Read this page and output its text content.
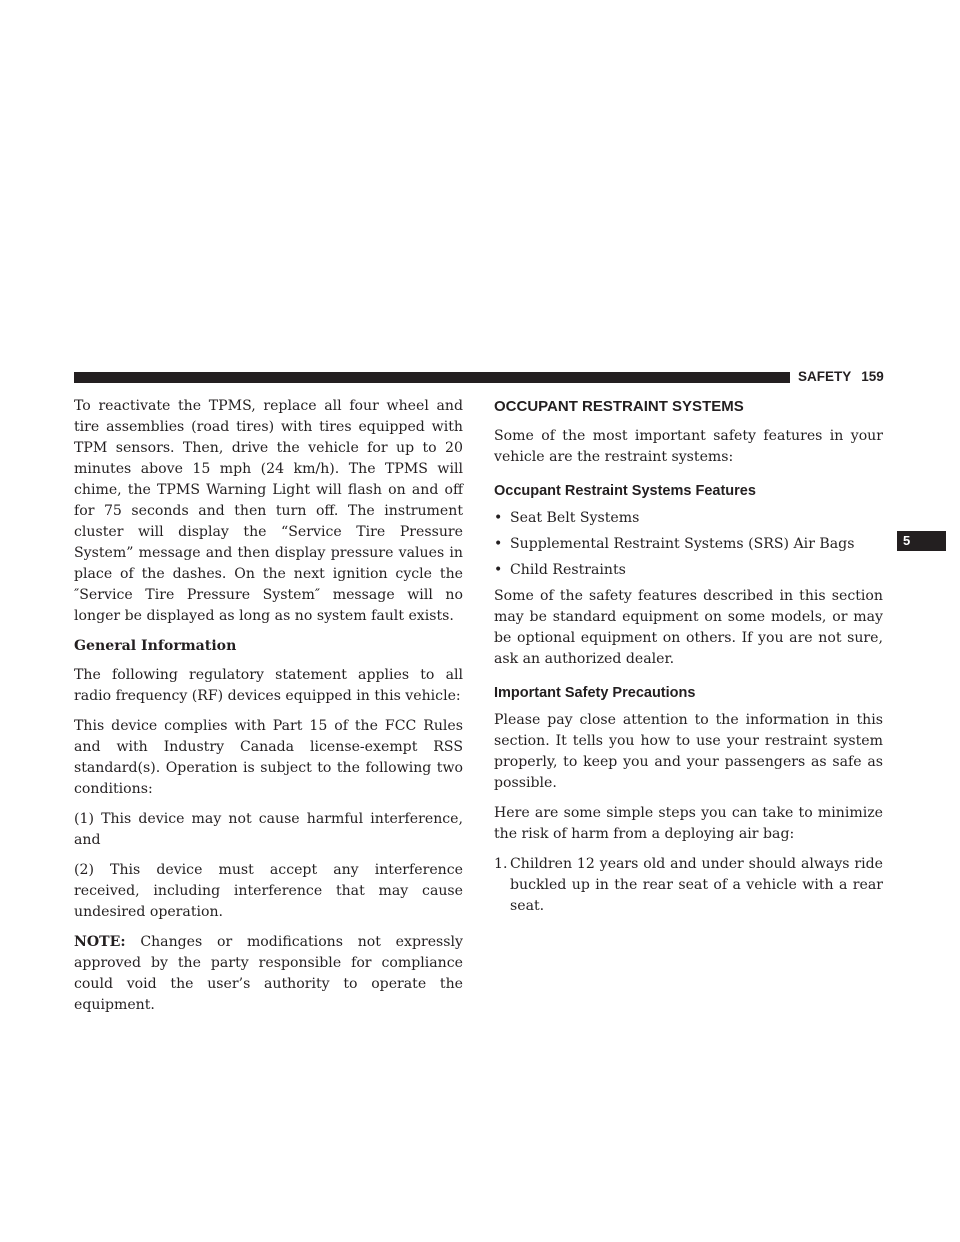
SAFETY 159
5

To reactivate the TPMS, replace all four wheel and tire assemblies (road tires) with tires equipped with TPM sensors. Then, drive the vehicle for up to 20 minutes above 15 mph (24 km/h). The TPMS will chime, the TPMS Warning Light will flash on and off for 75 seconds and then turn off. The instrument cluster will display the “Service Tire Pressure System” message and then display pressure values in place of the dashes. On the next ignition cycle the ″Service Tire Pressure System″ message will no longer be displayed as long as no system fault exists.

General Information

The following regulatory statement applies to all radio frequency (RF) devices equipped in this vehicle:

This device complies with Part 15 of the FCC Rules and with Industry Canada license-exempt RSS standard(s). Operation is subject to the following two conditions:

(1) This device may not cause harmful interference, and

(2) This device must accept any interference received, including interference that may cause undesired operation.

NOTE: Changes or modifications not expressly approved by the party responsible for compliance could void the user’s authority to operate the equipment.

OCCUPANT RESTRAINT SYSTEMS

Some of the most important safety features in your vehicle are the restraint systems:

Occupant Restraint Systems Features
• Seat Belt Systems
• Supplemental Restraint Systems (SRS) Air Bags
• Child Restraints

Some of the safety features described in this section may be standard equipment on some models, or may be optional equipment on others. If you are not sure, ask an authorized dealer.

Important Safety Precautions

Please pay close attention to the information in this section. It tells you how to use your restraint system properly, to keep you and your passengers as safe as possible.

Here are some simple steps you can take to minimize the risk of harm from a deploying air bag:

1. Children 12 years old and under should always ride buckled up in the rear seat of a vehicle with a rear seat.
